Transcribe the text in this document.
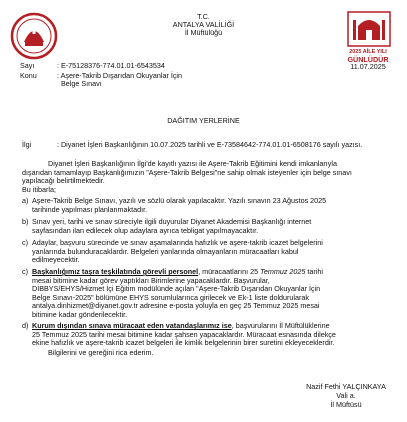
2025 AİLE YILI
GÜNLÜDÜR
11.07.2025
T.C.
ANTALYA VALİLİĞİ
İl Müftülüğü
Sayı	: E-75128376-774.01.01-6543534
Konu	: Aşere-Takrib Dışarıdan Okuyanlar İçin
Belge Sınavı
DAĞITIM YERLERİNE
İlgi	: Diyanet İşleri Başkanlığının 10.07.2025 tarihli ve E-73584642-774.01.01-6508176 sayılı yazısı.
Diyanet İşleri Başkanlığının İlgi'de kayıtlı yazısı ile Aşere-Takrib Eğitimini kendi imkanlarıyla
dışarıdan tamamlayıp Başkanlığımızın "Aşere-Takrib Belgesi"ne sahip olmak isteyenler için belge sınavı
yapılacağı belirtilmektedir.
Bu itibarla;
a) Aşere-Takrib Belge Sınavı, yazılı ve sözlü olarak yapılacaktır. Yazılı sınavın 23 Ağustos 2025
tarihinde yapılması planlanmaktadır.
b) Sınav yeri, tarihi ve sınav süreciyle ilgili duyurular Diyanet Akademisi Başkanlığı internet
sayfasından ilan edilecek olup adaylara ayrıca tebligat yapılmayacaktır.
c) Adaylar, başvuru sürecinde ve sınav aşamalarında hafızlık ve aşere-takrib icazet belgelerini
yanlarında bulunduracaklardır. Belgeleri yanlarında olmayanların müracaatları kabul
edilmeyecektir.
c) Başkanlığımız taşra teşkilatında görevli personel, müracaatlarını 25 Temmuz 2025 tarihi
mesai bitimine kadar görev yaptıkları Birimlerine yapacaklardır. Başvurular,
DİBBYS/EHYS/Hizmet İçi Eğitim modülünde açılan "Aşere-Takrib Dışarıdan Okuyanlar İçin
Belge Sınavı-2025" bölümüne EHYS sorumlularınca girilecek ve Ek-1 liste doldurularak
antalya.dinhizmet@diyanet.gov.tr adresine e-posta yoluyla en geç 25 Temmuz 2025 mesai
bitimine kadar gönderilecektir.
d) Kurum dışından sınava müracaat eden vatandaşlarımız ise, başvurularını İl Müftülüklerine
25 Temmuz 2025 tarihi mesai bitimine kadar şahsen yapacaklardır. Müracaat esnasında dilekçe
ekine hafızlık ve aşere-takrib icazet belgeleri ile kimlik belgelerinin birer suretini ekleyeceklerdir.
Bilgilerini ve gereğini rica ederim.
Nazif Fethi YALÇINKAYA
Vali a.
İl Müftüsü
